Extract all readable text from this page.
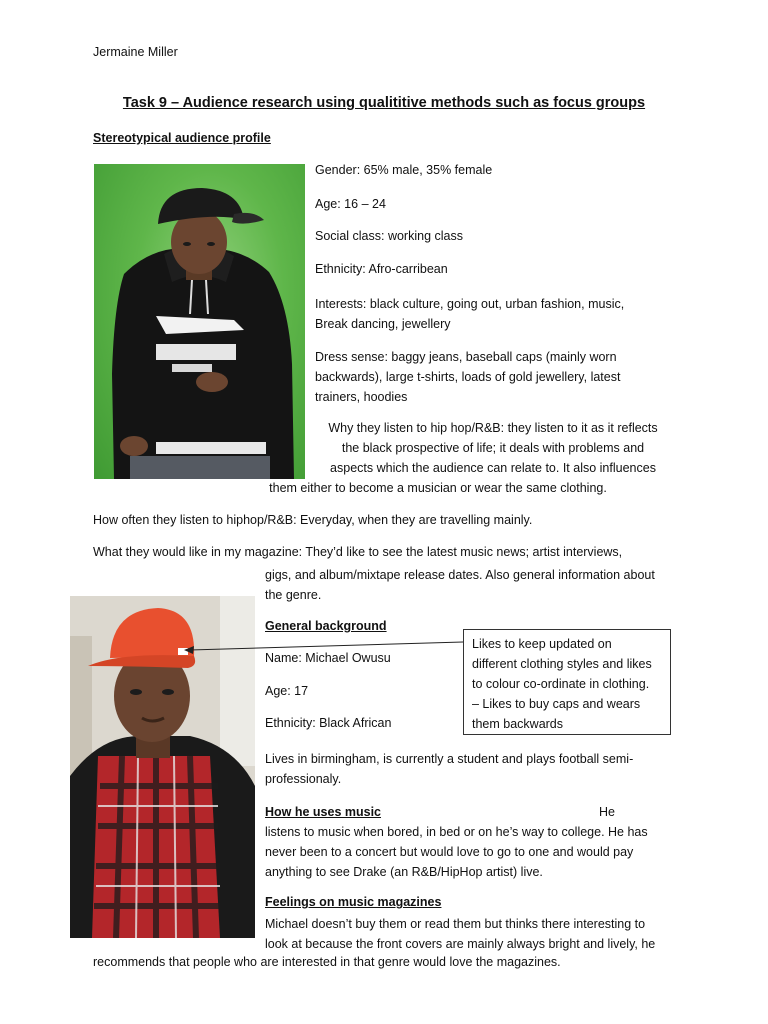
Jermaine Miller
Task 9 – Audience research using qualititive methods such as focus groups
Stereotypical audience profile
Gender: 65% male, 35% female
Age: 16 – 24
Social class: working class
Ethnicity: Afro-carribean
Interests: black culture, going out, urban fashion, music,
Break dancing, jewellery
Dress sense: baggy jeans, baseball caps (mainly worn
backwards), large t-shirts, loads of gold jewellery, latest
trainers, hoodies
Why they listen to hip hop/R&B: they listen to it as it reflects
the black prospective of life; it deals with problems and
aspects which the audience can relate to. It also influences
them either to become a musician or wear the same clothing.
How often they listen to hiphop/R&B: Everyday, when they are travelling mainly.
What they would like in my magazine: They’d like to see the latest music news; artist interviews,
gigs, and album/mixtape release dates. Also general information about
the genre.
General background
Name: Michael Owusu
Age: 17
Ethnicity: Black African
Lives in birmingham, is currently a student and plays football semi-
professionaly.
How he uses music	He
listens to music when bored, in bed or on he’s way to college. He has
never been to a concert but would love to go to one and would pay
anything to see Drake (an R&B/HipHop artist) live.
Feelings on music magazines
Michael doesn’t buy them or read them but thinks there interesting to
look at because the front covers are mainly always bright and lively, he
recommends that people who are interested in that genre would love the magazines.
Likes to keep updated on
different clothing styles and likes
to colour co-ordinate in clothing.
– Likes to buy caps and wears
them backwards
